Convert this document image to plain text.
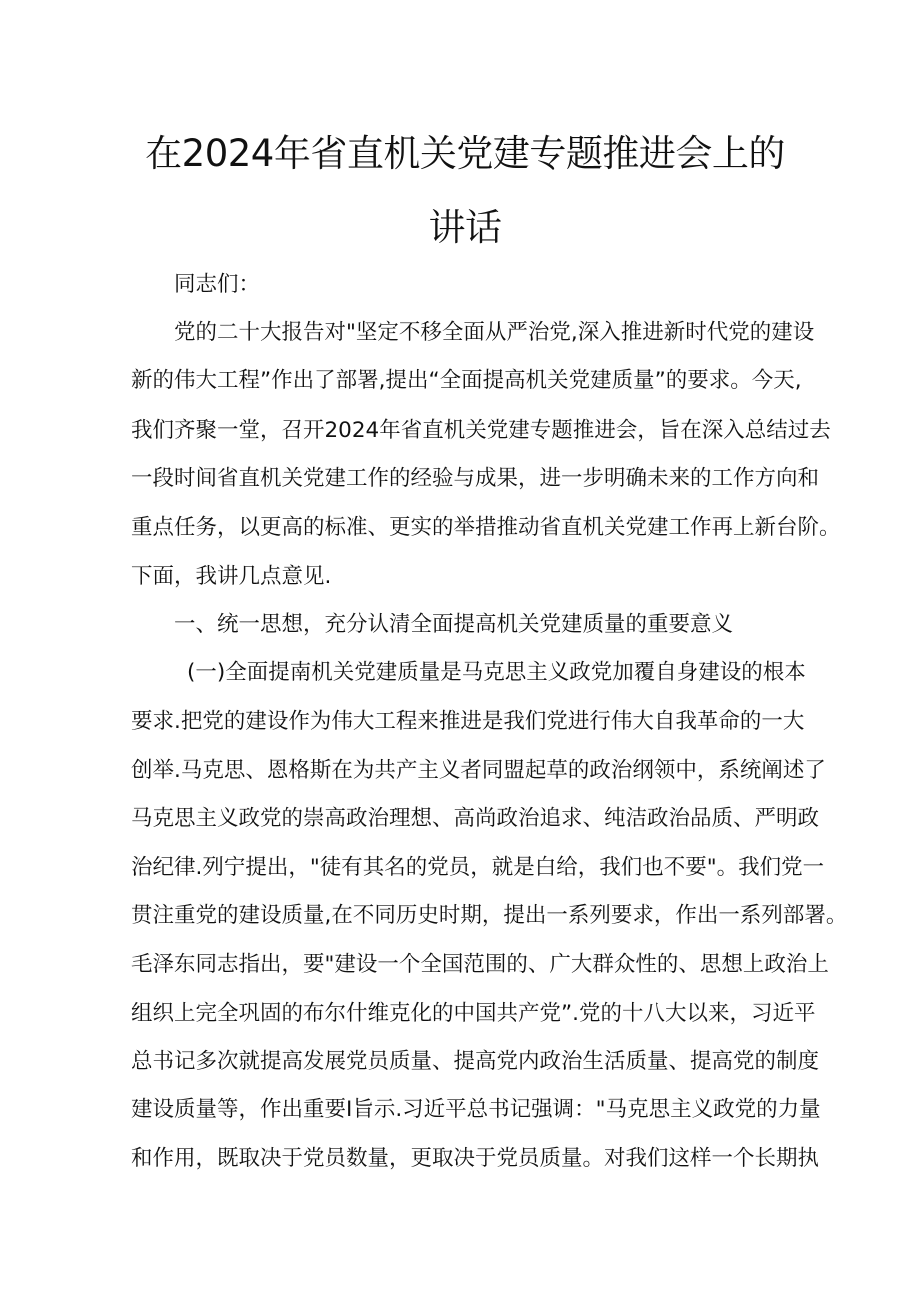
在2024年省直机关党建专题推进会上的
讲话
同志们：
党的二十大报告对"坚定不移全面从严治党,深入推进新时代党的建设
新的伟大工程”作出了部署,提出“全面提高机关党建质量”的要求。今天,
我们齐聚一堂，召开2024年省直机关党建专题推进会，旨在深入总结过去
一段时间省直机关党建工作的经验与成果，进一步明确未来的工作方向和
重点任务，以更高的标准、更实的举措推动省直机关党建工作再上新台阶。
下面，我讲几点意见.
一、统一思想，充分认清全面提高机关党建质量的重要意义
(一)全面提南机关党建质量是马克思主义政党加覆自身建设的根本
要求.把党的建设作为伟大工程来推进是我们党进行伟大自我革命的一大
创举.马克思、恩格斯在为共产主义者同盟起草的政治纲领中，系统阐述了
马克思主义政党的崇高政治理想、高尚政治追求、纯洁政治品质、严明政
治纪律.列宁提出，"徒有其名的党员，就是白给，我们也不要"。我们党一
贯注重党的建设质量,在不同历史时期，提出一系列要求，作出一系列部署。
毛泽东同志指出，要"建设一个全国范围的、广大群众性的、思想上政治上
组织上完全巩固的布尔什维克化的中国共产党”.党的十八大以来，习近平
总书记多次就提高发展党员质量、提高党内政治生活质量、提高党的制度
建设质量等，作出重要I旨示.习近平总书记强调："马克思主义政党的力量
和作用，既取决于党员数量，更取决于党员质量。对我们这样一个长期执
